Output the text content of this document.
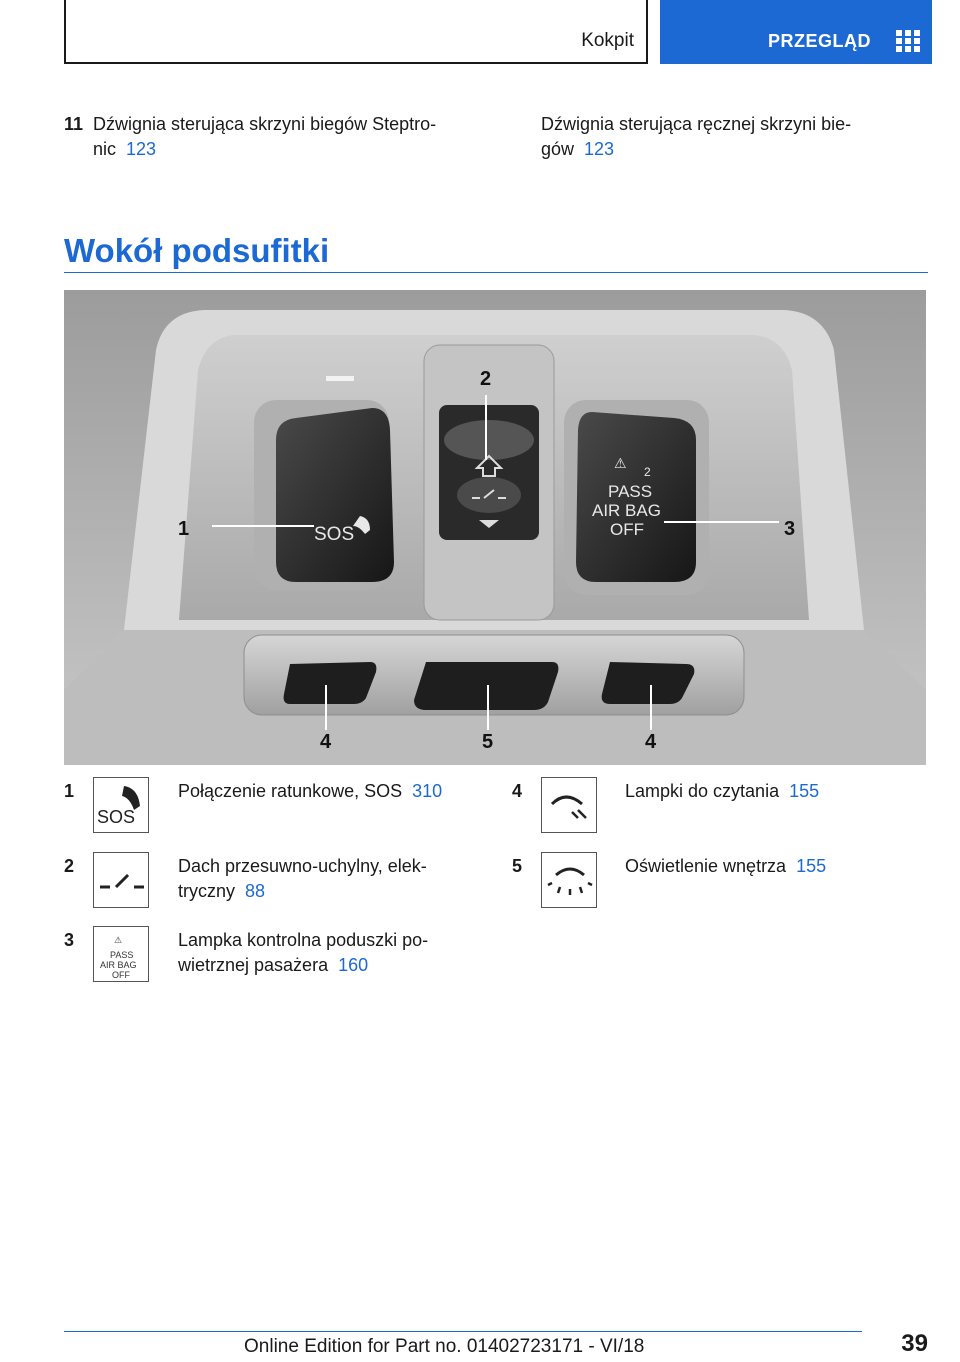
Kokpit	PRZEGLĄD
11 Dźwignia sterująca skrzyni biegów Steptro‐
nic 123
Dźwignia sterująca ręcznej skrzyni bie‐
gów 123
Wokół podsufitki
SOS
⚠
2
PASS
AIR BAG
OFF
1
2
3
4	5	4
1
SOS
Połączenie ratunkowe, SOS 310
2	Dach przesuwno-uchylny, elek‐
tryczny 88
3	⚠
PASS
AIR BAG
OFF
Lampka kontrolna poduszki po‐
wietrznej pasażera 160
4	Lampki do czytania 155
5	Oświetlenie wnętrza 155
39
Online Edition for Part no. 01402723171 - VI/18
